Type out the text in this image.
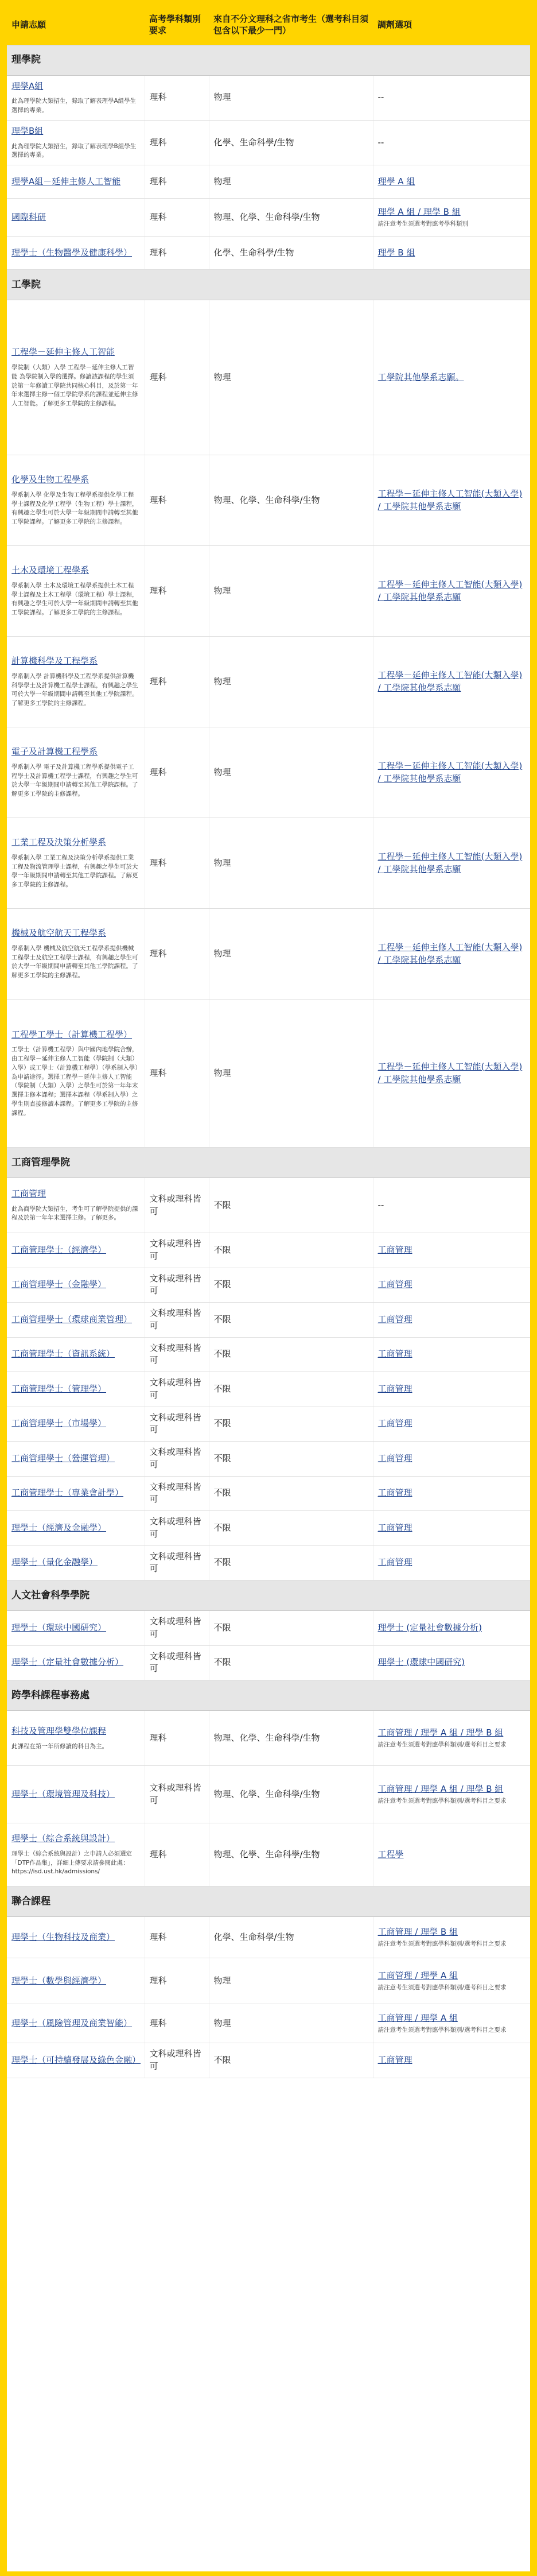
申請志願	高考學科類別要求	來自不分文理科之省市考生（選考科目須包含以下最少一門）	調劑選項
理學院			
理學A組
此為理學院大類招生，錄取了解表理學A組學生選擇的專業。	理科	物理	--
理學B組
此為理學院大類招生，錄取了解表理學B組學生選擇的專業。	理科	化學、生命科學/生物	--
理學A組－延伸主修人工智能	理科	物理	理學 A 組
國際科研	理科	物理、化學、生命科學/生物	理學 A 組 / 理學 B 組
請注意考生須選考對應考學科類別

理學士（生物醫學及健康科學）	理科	化學、生命科學/生物	理學 B 組
工學院			
工程學－延伸主修人工智能
學院制（大類）入學 工程學－延伸主修人工智能 為學院制入學的選擇。修讀該課程的學生須於第一年修讀工學院共同核心科目，及於第一年年末選擇主修一個工學院學系的課程並延伸主修人工智能。了解更多工學院的主修課程。	理科	物理	工學院其他學系志願。
化學及生物工程學系
學系制入學 化學及生物工程學系提供化學工程學士課程及化學工程學（生物工程）學士課程，有興趣之學生可於大學一年級期間申請轉至其他工學院課程。了解更多工學院的主修課程。	理科	物理、化學、生命科學/生物	工程學－延伸主修人工智能(大類入學) / 工學院其他學系志願
土木及環境工程學系
學系制入學 土木及環境工程學系提供土木工程學士課程及土木工程學（環境工程）學士課程，有興趣之學生可於大學一年級期間申請轉至其他工學院課程。了解更多工學院的主修課程。	理科	物理	工程學－延伸主修人工智能(大類入學) / 工學院其他學系志願
計算機科學及工程學系
學系制入學 計算機科學及工程學系提供計算機科學學士及計算機工程學士課程，有興趣之學生可於大學一年級期間申請轉至其他工學院課程。了解更多工學院的主修課程。	理科	物理	工程學－延伸主修人工智能(大類入學) / 工學院其他學系志願
電子及計算機工程學系
學系制入學 電子及計算機工程學系提供電子工程學士及計算機工程學士課程，有興趣之學生可於大學一年級期間申請轉至其他工學院課程。了解更多工學院的主修課程。	理科	物理	工程學－延伸主修人工智能(大類入學) / 工學院其他學系志願
工業工程及決策分析學系
學系制入學 工業工程及決策分析學系提供工業工程及物流管理學士課程，有興趣之學生可於大學一年級期間申請轉至其他工學院課程。了解更多工學院的主修課程。	理科	物理	工程學－延伸主修人工智能(大類入學) / 工學院其他學系志願
機械及航空航天工程學系
學系制入學 機械及航空航天工程學系提供機械工程學士及航空工程學士課程，有興趣之學生可於大學一年級期間申請轉至其他工學院課程。了解更多工學院的主修課程。	理科	物理	工程學－延伸主修人工智能(大類入學) / 工學院其他學系志願
工程學工學士（計算機工程學）
工學士（計算機工程學）與中國內地學院合辦，由工程學－延伸主修人工智能（學院制（大類）入學）或工學士（計算機工程學）（學系制入學）為申請途徑。選擇工程學－延伸主修人工智能（學院制（大類）入學）之學生可於第一年年末選擇主修本課程；選擇本課程（學系制入學）之學生則直接修讀本課程。了解更多工學院的主修課程。	理科	物理	工程學－延伸主修人工智能(大類入學) / 工學院其他學系志願
工商管理學院			
工商管理
此為商學院大類招生，考生可了解學院提供的課程及於第一年年末選擇主修。了解更多。	文科或理科皆可	不限	--
工商管理學士（經濟學）	文科或理科皆可	不限	工商管理
工商管理學士（金融學）	文科或理科皆可	不限	工商管理
工商管理學士（環球商業管理）	文科或理科皆可	不限	工商管理
工商管理學士（資訊系統）	文科或理科皆可	不限	工商管理
工商管理學士（管理學）	文科或理科皆可	不限	工商管理
工商管理學士（市場學）	文科或理科皆可	不限	工商管理
工商管理學士（營運管理）	文科或理科皆可	不限	工商管理
工商管理學士（專業會計學）	文科或理科皆可	不限	工商管理
理學士（經濟及金融學）	文科或理科皆可	不限	工商管理
理學士（量化金融學）	文科或理科皆可	不限	工商管理
人文社會科學學院			
理學士（環球中國研究）	文科或理科皆可	不限	理學士 (定量社會數據分析)
理學士（定量社會數據分析）	文科或理科皆可	不限	理學士 (環球中國研究)
跨學科課程事務處			
科技及管理學雙學位課程
此課程在第一年所修讀的科目為主。	理科	物理、化學、生命科學/生物	工商管理 / 理學 A 組 / 理學 B 組
請注意考生須選考對應學科類別/選考科目之要求

理學士（環境管理及科技）	文科或理科皆可	物理、化學、生命科學/生物	工商管理 / 理學 A 組 / 理學 B 組
請注意考生須選考對應學科類別/選考科目之要求

理學士（綜合系統與設計）
理學士（綜合系統與設計）之申請人必須選定「DTP作品集」，詳細上傳要求請參閱此處：https://isd.ust.hk/admissions/	理科	物理、化學、生命科學/生物	工程學
聯合課程			
理學士（生物科技及商業）	理科	化學、生命科學/生物	工商管理 / 理學 B 組
請注意考生須選考對應學科類別/選考科目之要求

理學士（數學與經濟學）	理科	物理	工商管理 / 理學 A 組
請注意考生須選考對應學科類別/選考科目之要求

理學士（風險管理及商業智能）	理科	物理	工商管理 / 理學 A 組
請注意考生須選考對應學科類別/選考科目之要求

理學士（可持續發展及綠色金融）	文科或理科皆可	不限	工商管理
